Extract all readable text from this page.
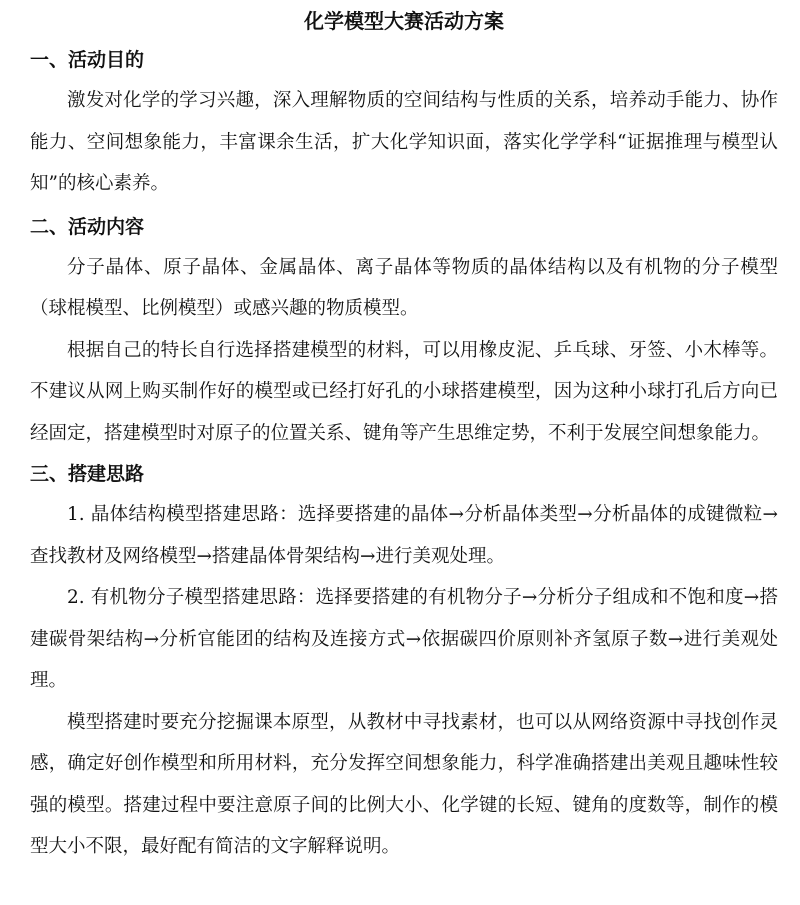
化学模型大赛活动方案
一、活动目的

激发对化学的学习兴趣，深入理解物质的空间结构与性质的关系，培养动手能力、协作能力、空间想象能力，丰富课余生活，扩大化学知识面，落实化学学科“证据推理与模型认知”的核心素养。

二、活动内容

分子晶体、原子晶体、金属晶体、离子晶体等物质的晶体结构以及有机物的分子模型（球棍模型、比例模型）或感兴趣的物质模型。

根据自己的特长自行选择搭建模型的材料，可以用橡皮泥、乒乓球、牙签、小木棒等。不建议从网上购买制作好的模型或已经打好孔的小球搭建模型，因为这种小球打孔后方向已经固定，搭建模型时对原子的位置关系、键角等产生思维定势，不利于发展空间想象能力。

三、搭建思路

1. 晶体结构模型搭建思路：选择要搭建的晶体→分析晶体类型→分析晶体的成键微粒→查找教材及网络模型→搭建晶体骨架结构→进行美观处理。

2. 有机物分子模型搭建思路：选择要搭建的有机物分子→分析分子组成和不饱和度→搭建碳骨架结构→分析官能团的结构及连接方式→依据碳四价原则补齐氢原子数→进行美观处理。

模型搭建时要充分挖掘课本原型，从教材中寻找素材，也可以从网络资源中寻找创作灵感，确定好创作模型和所用材料，充分发挥空间想象能力，科学准确搭建出美观且趣味性较强的模型。搭建过程中要注意原子间的比例大小、化学键的长短、键角的度数等，制作的模型大小不限，最好配有简洁的文字解释说明。
